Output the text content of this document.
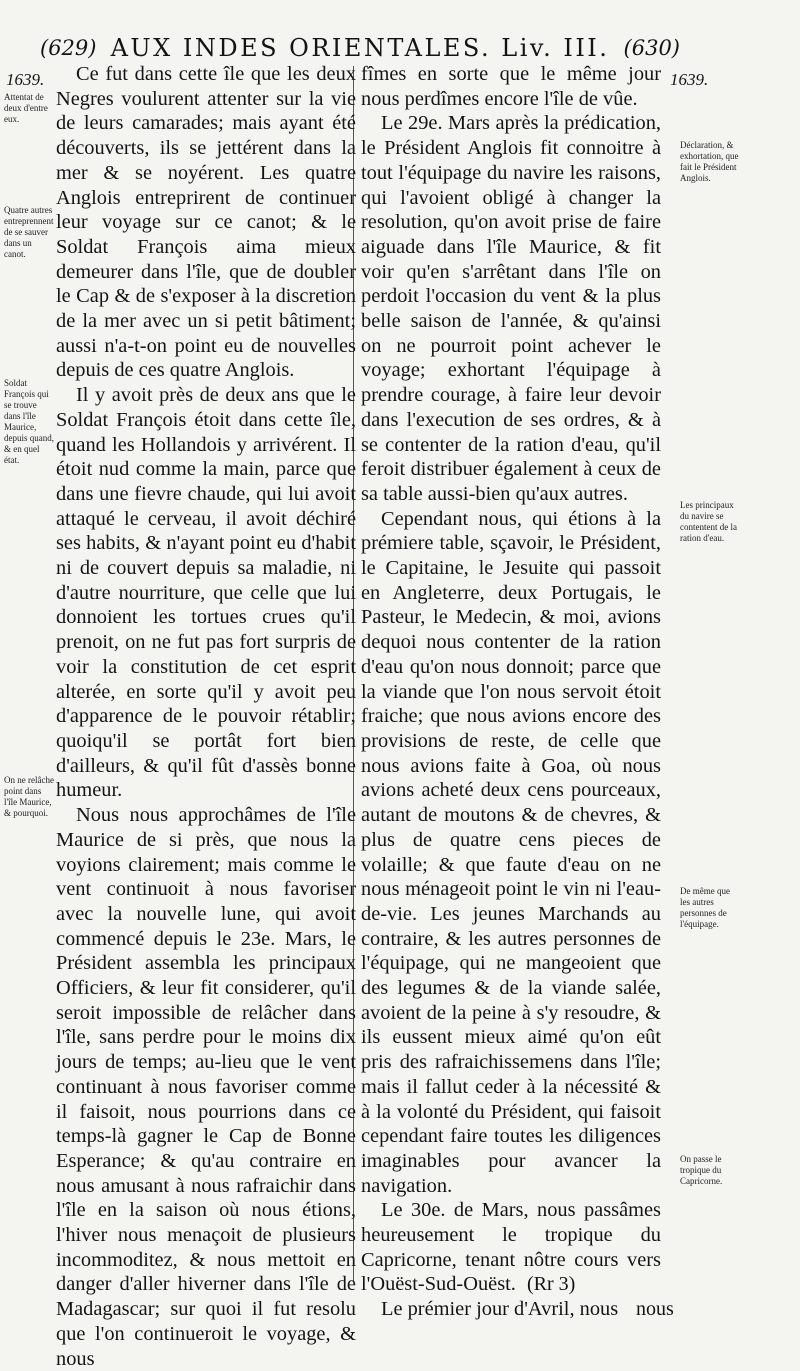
(629) AUX INDES ORIENTALES. Liv. III. (630)
1639.	1639.
Attentat de deux d'entre eux.
Quatre autres entreprennent de se sauver dans un canot.
Soldat François qui se trouve dans l'île Maurice, depuis quand, & en quel état.
On ne relâche point dans l'île Maurice, & pourquoi.
Déclaration, & exhortation, que fait le Président Anglois.
Les principaux du navire se contentent de la ration d'eau.
De même que les autres personnes de l'équipage.
On passe le tropique du Capricorne.

Ce fut dans cette île que les deux Negres voulurent attenter sur la vie de leurs camarades; mais ayant été découverts, ils se jettérent dans la mer & se noyérent. Les quatre Anglois entreprirent de continuer leur voyage sur ce canot; & le Soldat François aima mieux demeurer dans l'île, que de doubler le Cap & de s'exposer à la discretion de la mer avec un si petit bâtiment; aussi n'a-t-on point eu de nouvelles depuis de ces quatre Anglois.

Il y avoit près de deux ans que le Soldat François étoit dans cette île, quand les Hollandois y arrivérent. Il étoit nud comme la main, parce que dans une fievre chaude, qui lui avoit attaqué le cerveau, il avoit déchiré ses habits, & n'ayant point eu d'habit ni de couvert depuis sa maladie, ni d'autre nourriture, que celle que lui donnoient les tortues crues qu'il prenoit, on ne fut pas fort surpris de voir la constitution de cet esprit alterée, en sorte qu'il y avoit peu d'apparence de le pouvoir rétablir; quoiqu'il se portât fort bien d'ailleurs, & qu'il fût d'assès bonne humeur.

Nous nous approchâmes de l'île Maurice de si près, que nous la voyions clairement; mais comme le vent continuoit à nous favoriser avec la nouvelle lune, qui avoit commencé depuis le 23e. Mars, le Président assembla les principaux Officiers, & leur fit considerer, qu'il seroit impossible de relâcher dans l'île, sans perdre pour le moins dix jours de temps; au-lieu que le vent continuant à nous favoriser comme il faisoit, nous pourrions dans ce temps-là gagner le Cap de Bonne Esperance; & qu'au contraire en nous amusant à nous rafraichir dans l'île en la saison où nous étions, l'hiver nous menaçoit de plusieurs incommoditez, & nous mettoit en danger d'aller hiverner dans l'île de Madagascar; sur quoi il fut resolu que l'on continueroit le voyage, & nous

fîmes en sorte que le même jour nous perdîmes encore l'île de vûe.

Le 29e. Mars après la prédication, le Président Anglois fit connoitre à tout l'équipage du navire les raisons, qui l'avoient obligé à changer la resolution, qu'on avoit prise de faire aiguade dans l'île Maurice, & fit voir qu'en s'arrêtant dans l'île on perdoit l'occasion du vent & la plus belle saison de l'année, & qu'ainsi on ne pourroit point achever le voyage; exhortant l'équipage à prendre courage, à faire leur devoir dans l'execution de ses ordres, & à se contenter de la ration d'eau, qu'il feroit distribuer également à ceux de sa table aussi-bien qu'aux autres.

Cependant nous, qui étions à la prémiere table, sçavoir, le Président, le Capitaine, le Jesuite qui passoit en Angleterre, deux Portugais, le Pasteur, le Medecin, & moi, avions dequoi nous contenter de la ration d'eau qu'on nous donnoit; parce que la viande que l'on nous servoit étoit fraiche; que nous avions encore des provisions de reste, de celle que nous avions faite à Goa, où nous avions acheté deux cens pourceaux, autant de moutons & de chevres, & plus de quatre cens pieces de volaille; & que faute d'eau on ne nous ménageoit point le vin ni l'eau-de-vie. Les jeunes Marchands au contraire, & les autres personnes de l'équipage, qui ne mangeoient que des legumes & de la viande salée, avoient de la peine à s'y resoudre, & ils eussent mieux aimé qu'on eût pris des rafraichissemens dans l'île; mais il fallut ceder à la nécessité & à la volonté du Président, qui faisoit cependant faire toutes les diligences imaginables pour avancer la navigation.

Le 30e. de Mars, nous passâmes heureusement le tropique du Capricorne, tenant nôtre cours vers l'Ouëst-Sud-Ouëst.

Le prémier jour d'Avril, nous

(Rr 3)
nous
